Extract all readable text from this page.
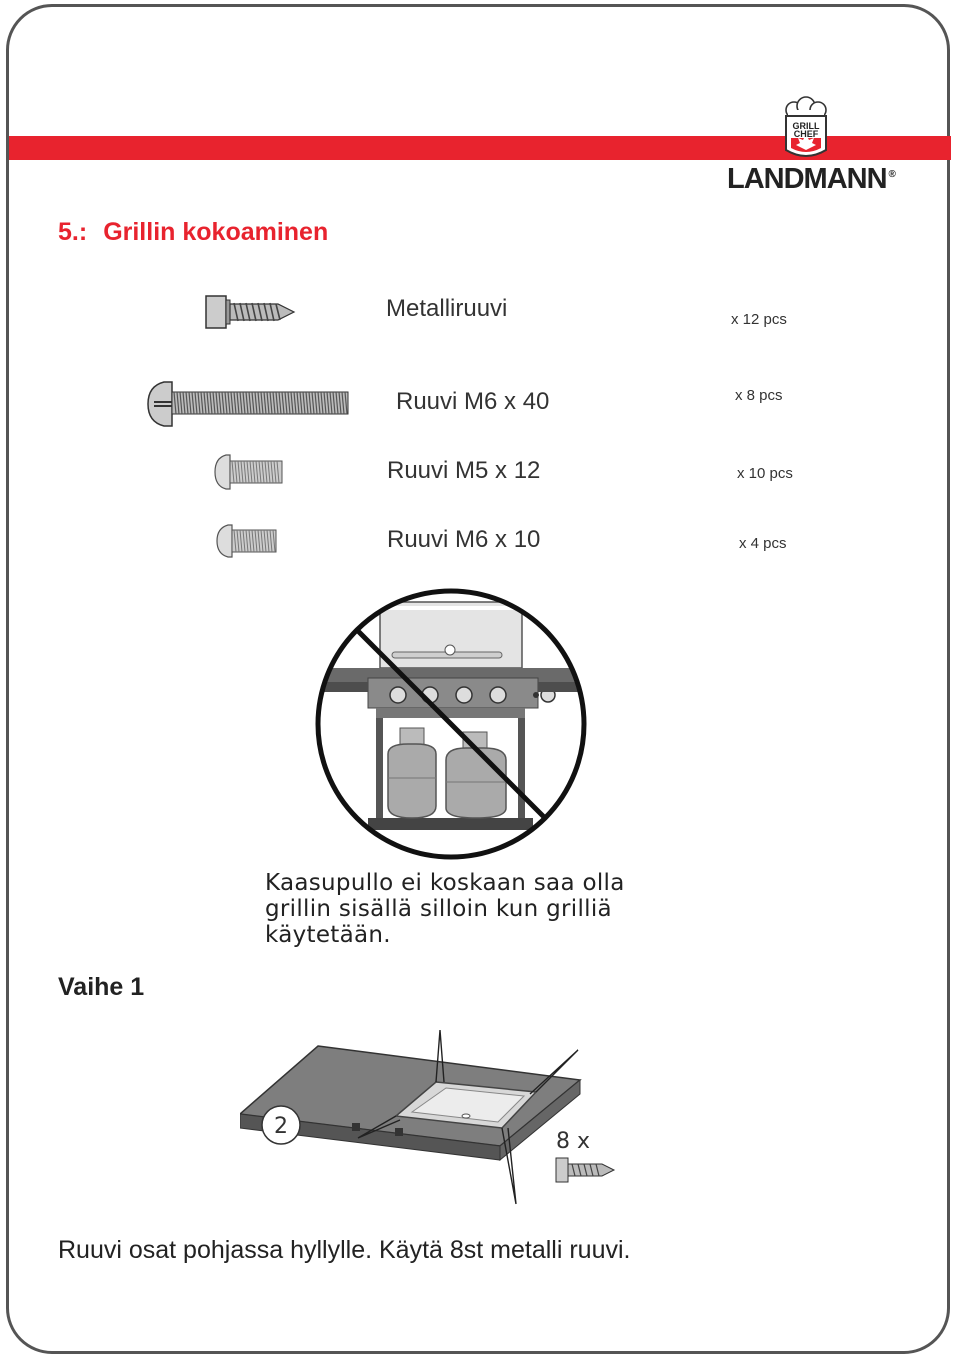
GRILL
CHEF
LANDMANN ®
5.: Grillin kokoaminen
Metalliruuvi	x 12 pcs
Ruuvi M6 x 40	x 8 pcs
Ruuvi M5 x 12	x 10 pcs
Ruuvi M6 x 10	x 4 pcs
Kaasupullo ei koskaan saa olla grillin sisällä silloin kun grilliä käytetään.
Vaihe 1
2
8 x
Ruuvi osat pohjassa hyllylle. Käytä 8st metalli ruuvi.
